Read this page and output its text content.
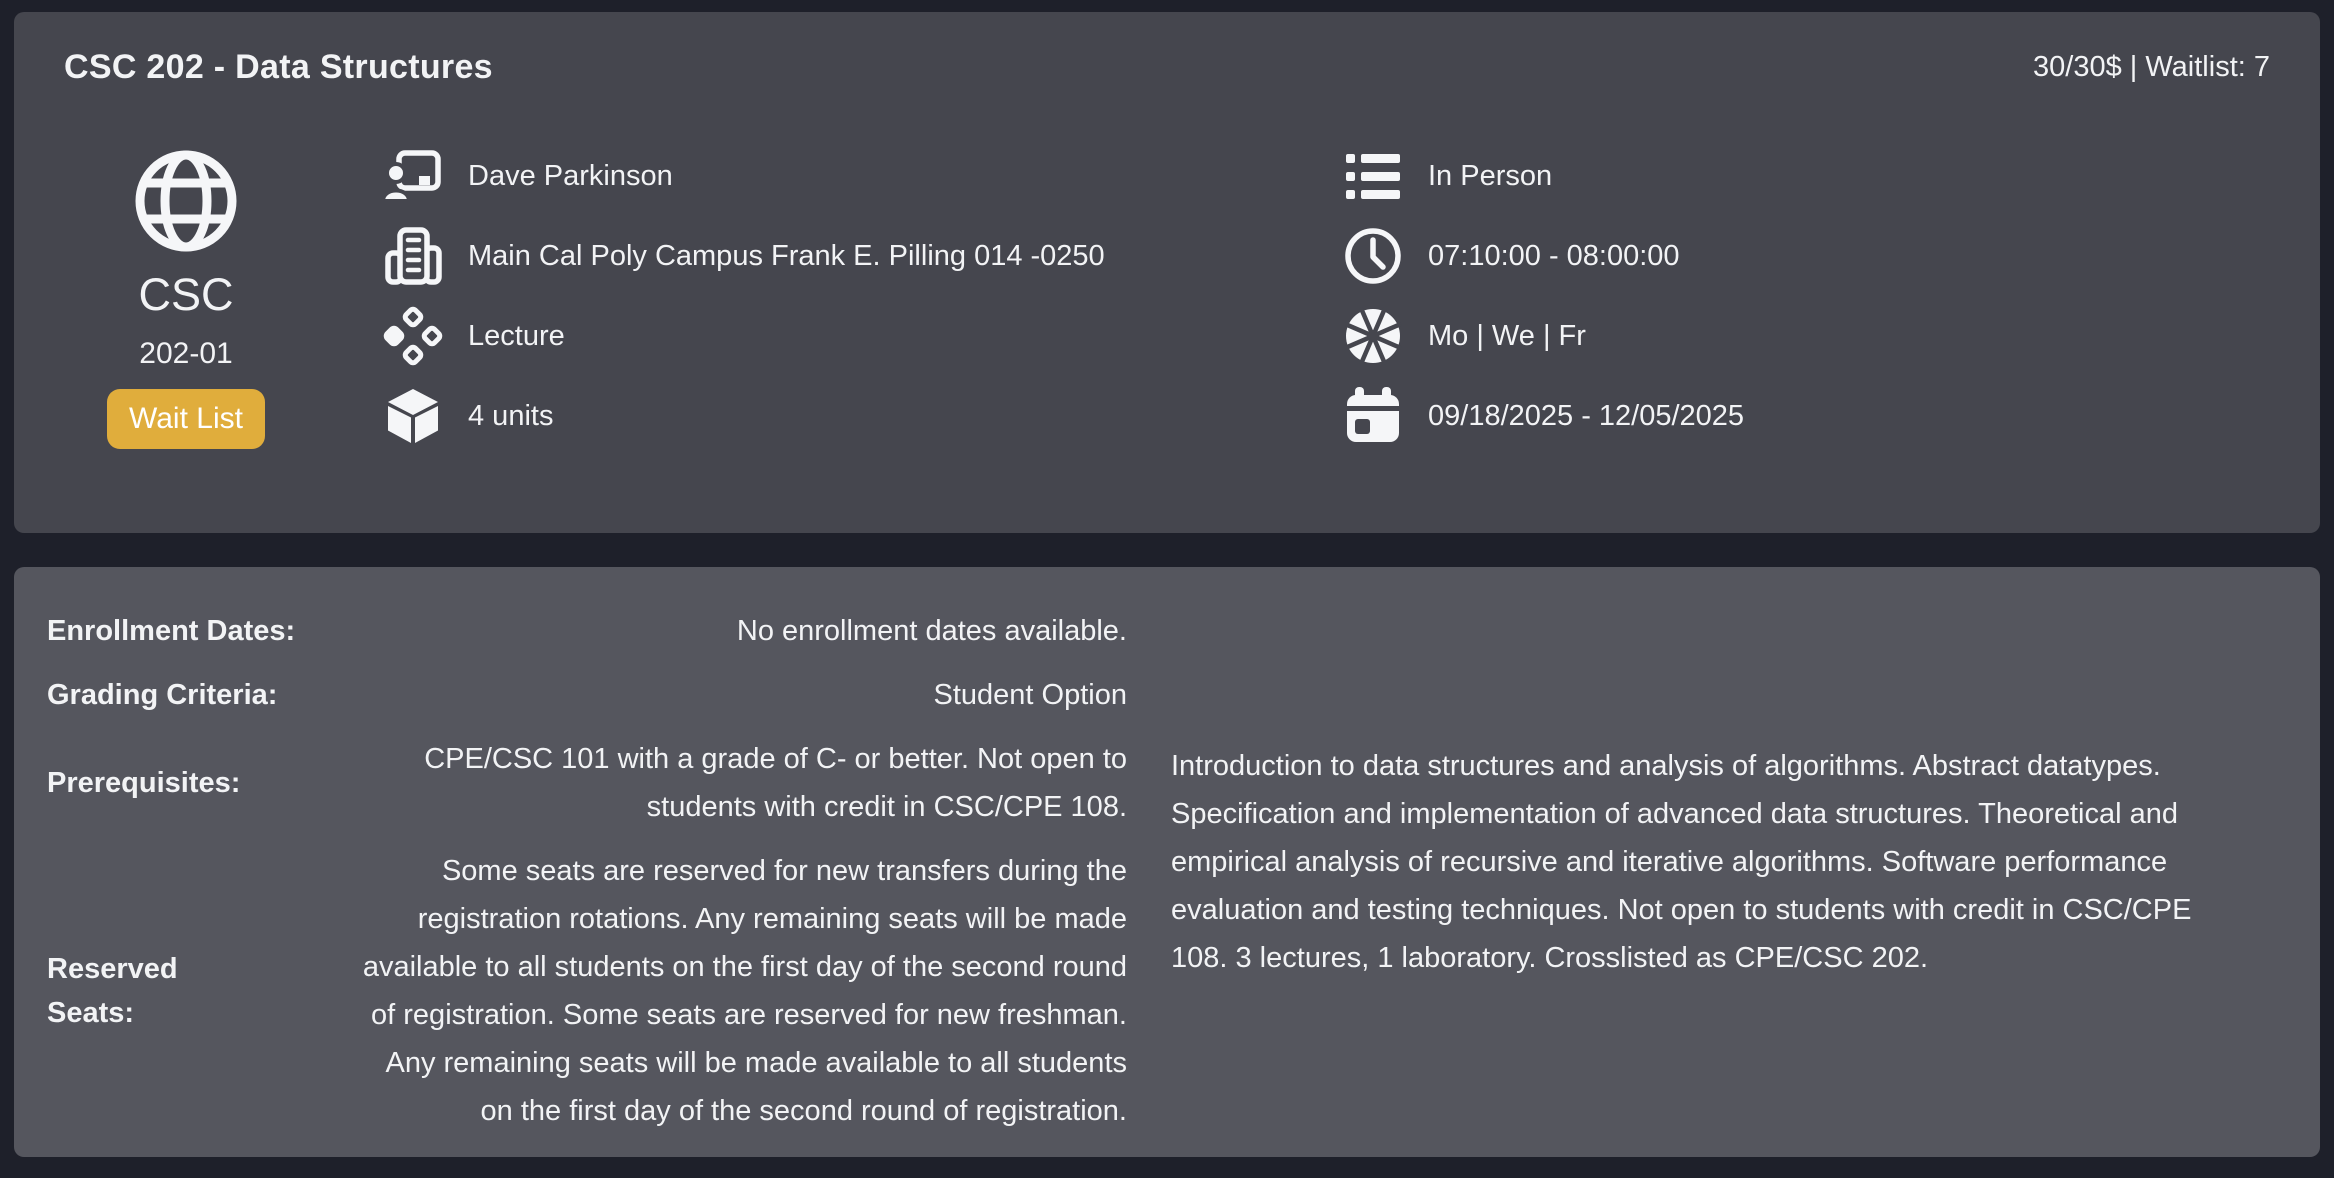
CSC 202 - Data Structures	30/30$ | Waitlist: 7
CSC
202-01
Wait List
Dave Parkinson
Main Cal Poly Campus Frank E. Pilling 014 -0250
Lecture
4 units
In Person
07:10:00 - 08:00:00
Mo | We | Fr
09/18/2025 - 12/05/2025
Enrollment Dates:	No enrollment dates available.
Grading Criteria:	Student Option
Prerequisites:
CPE/CSC 101 with a grade of C- or better. Not open to students with credit in CSC/CPE 108.
Reserved Seats:
Some seats are reserved for new transfers during the registration rotations. Any remaining seats will be made available to all students on the first day of the second round of registration. Some seats are reserved for new freshman. Any remaining seats will be made available to all students on the first day of the second round of registration.

Introduction to data structures and analysis of algorithms. Abstract datatypes. Specification and implementation of advanced data structures. Theoretical and empirical analysis of recursive and iterative algorithms. Software performance evaluation and testing techniques. Not open to students with credit in CSC/CPE 108. 3 lectures, 1 laboratory. Crosslisted as CPE/CSC 202.
